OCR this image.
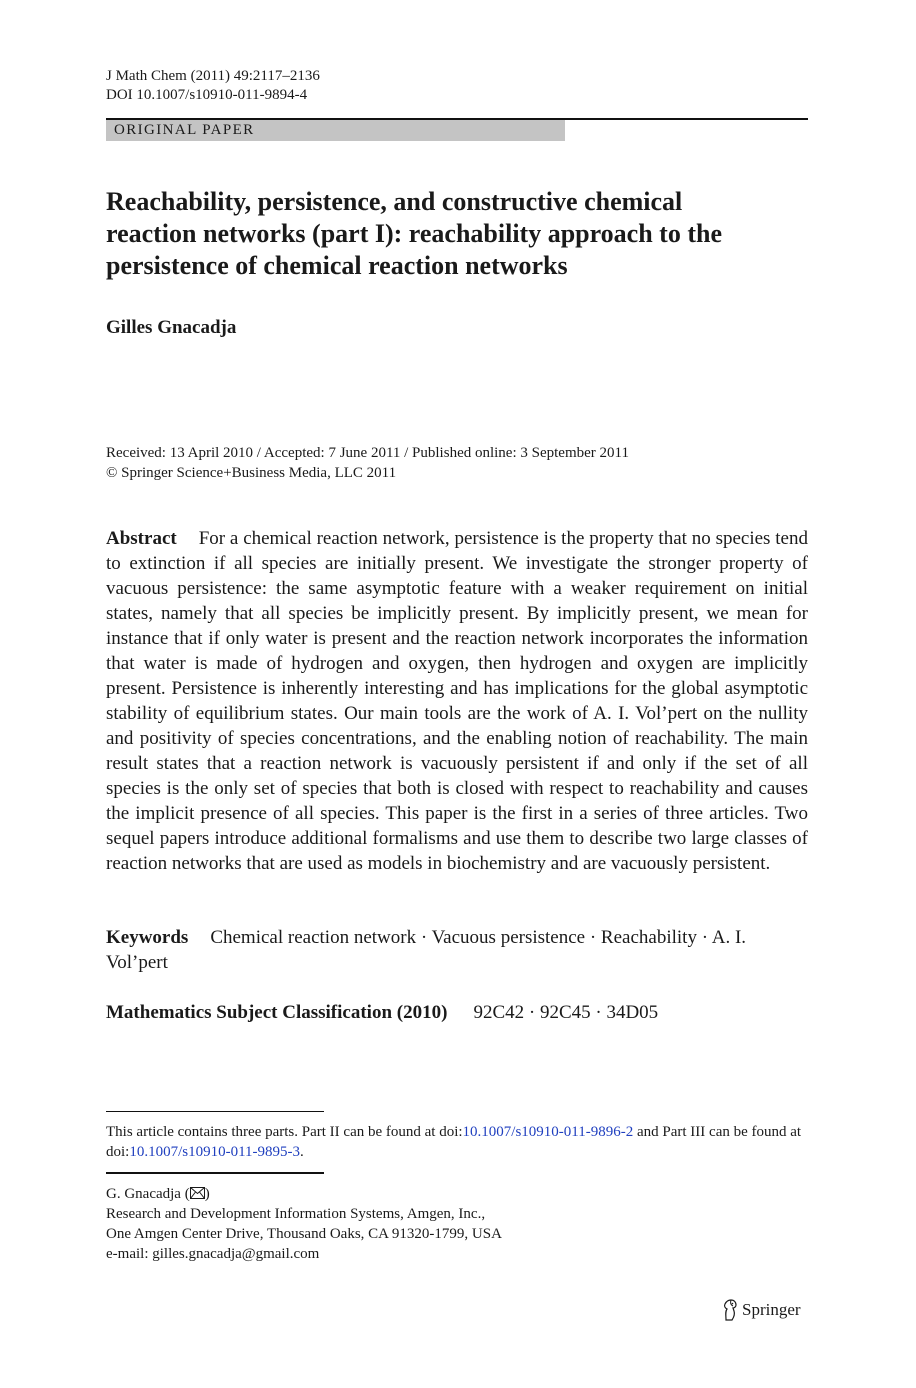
J Math Chem (2011) 49:2117–2136
DOI 10.1007/s10910-011-9894-4
ORIGINAL PAPER
Reachability, persistence, and constructive chemical reaction networks (part I): reachability approach to the persistence of chemical reaction networks
Gilles Gnacadja
Received: 13 April 2010 / Accepted: 7 June 2011 / Published online: 3 September 2011
© Springer Science+Business Media, LLC 2011

Abstract For a chemical reaction network, persistence is the property that no species tend to extinction if all species are initially present. We investigate the stronger property of vacuous persistence: the same asymptotic feature with a weaker requirement on initial states, namely that all species be implicitly present. By implicitly present, we mean for instance that if only water is present and the reaction network incorporates the information that water is made of hydrogen and oxygen, then hydrogen and oxygen are implicitly present. Persistence is inherently interesting and has implications for the global asymptotic stability of equilibrium states. Our main tools are the work of A. I. Vol’pert on the nullity and positivity of species concentrations, and the enabling notion of reachability. The main result states that a reaction network is vacuously persistent if and only if the set of all species is the only set of species that both is closed with respect to reachability and causes the implicit presence of all species. This paper is the first in a series of three articles. Two sequel papers introduce additional formalisms and use them to describe two large classes of reaction networks that are used as models in biochemistry and are vacuously persistent.

Keywords Chemical reaction network · Vacuous persistence · Reachability · A. I. Vol’pert

Mathematics Subject Classification (2010) 92C42 · 92C45 · 34D05

This article contains three parts. Part II can be found at doi:10.1007/s10910-011-9896-2 and Part III can be found at doi:10.1007/s10910-011-9895-3.

G. Gnacadja ( )
Research and Development Information Systems, Amgen, Inc.,
One Amgen Center Drive, Thousand Oaks, CA 91320-1799, USA
e-mail: gilles.gnacadja@gmail.com
Springer
